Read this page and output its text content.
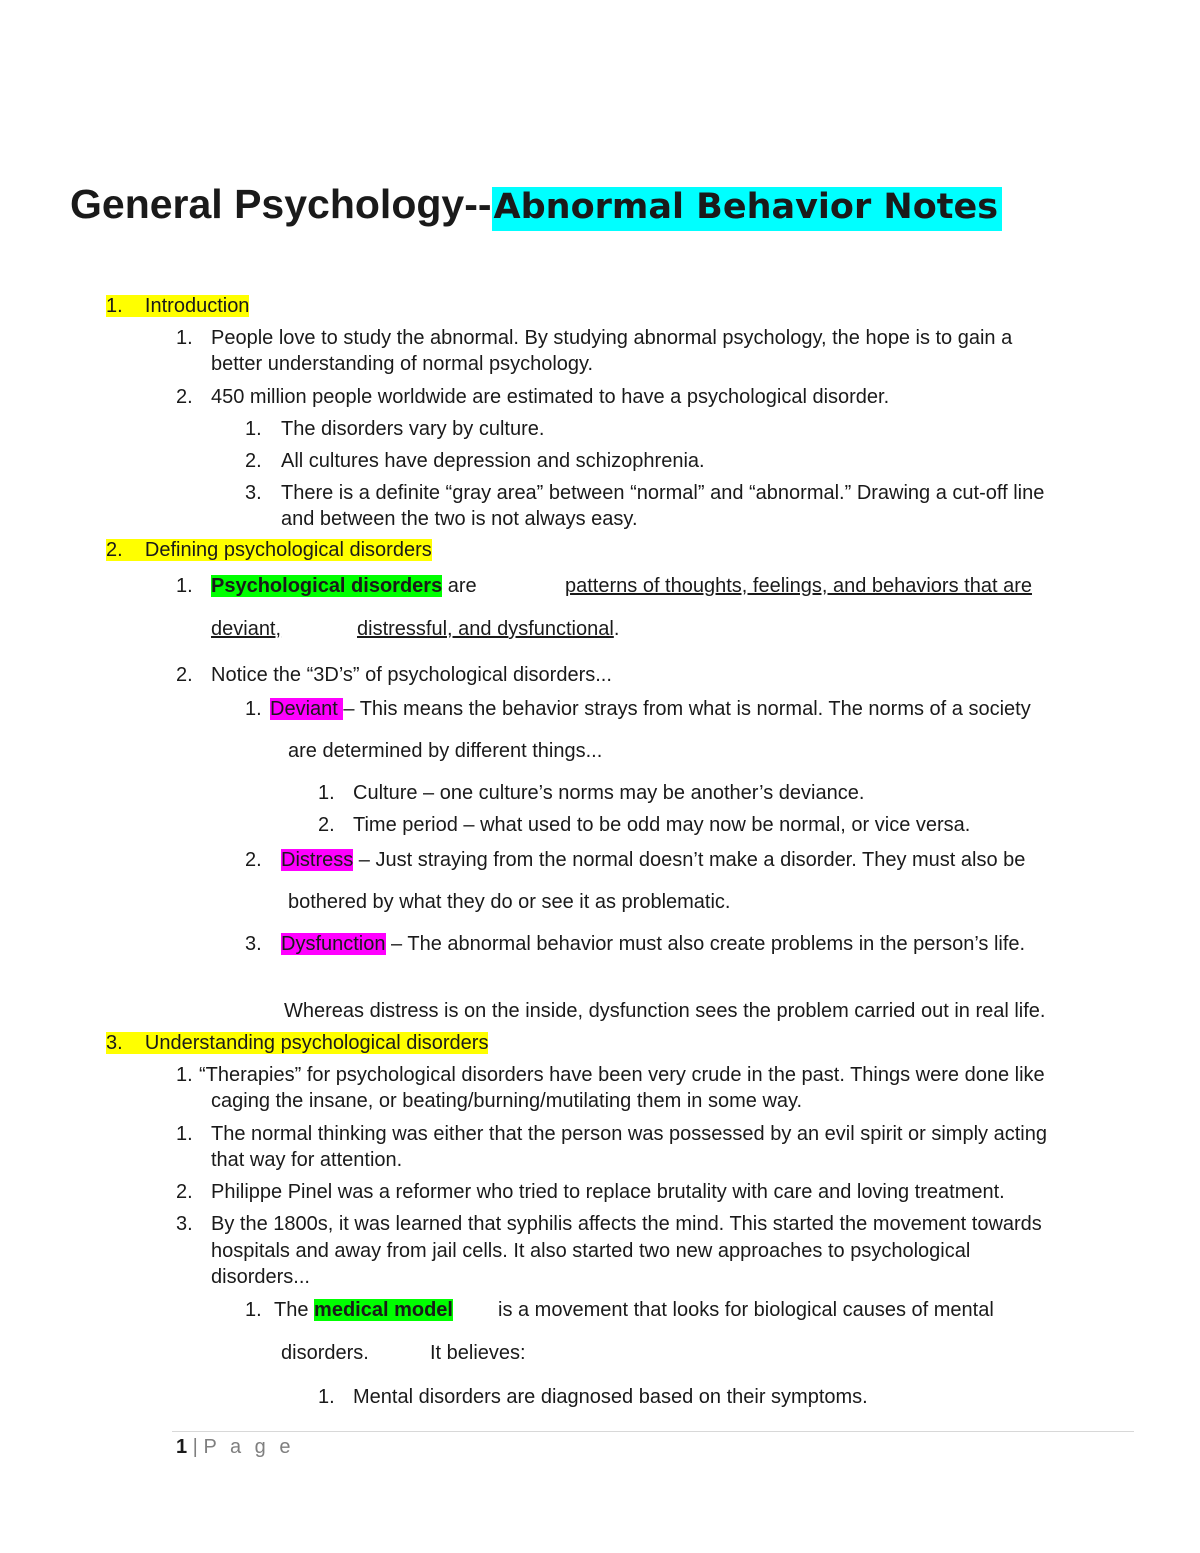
General Psychology--Abnormal Behavior Notes
1. Introduction
1. People love to study the abnormal. By studying abnormal psychology, the hope is to gain a
better understanding of normal psychology.
2. 450 million people worldwide are estimated to have a psychological disorder.
1. The disorders vary by culture.
2. All cultures have depression and schizophrenia.
3. There is a definite “gray area” between “normal” and “abnormal.” Drawing a cut-off line
and between the two is not always easy.
2. Defining psychological disorders
1. Psychological disorders are	patterns of thoughts, feelings, and behaviors that are
deviant,	distressful, and dysfunctional.
2. Notice the “3D’s” of psychological disorders...
1. Deviant – This means the behavior strays from what is normal. The norms of a society
are determined by different things...
1. Culture – one culture’s norms may be another’s deviance.
2. Time period – what used to be odd may now be normal, or vice versa.
2. Distress – Just straying from the normal doesn’t make a disorder. They must also be
bothered by what they do or see it as problematic.
3. Dysfunction – The abnormal behavior must also create problems in the person’s life.
Whereas distress is on the inside, dysfunction sees the problem carried out in real life.
3. Understanding psychological disorders
1. “Therapies” for psychological disorders have been very crude in the past. Things were done like
caging the insane, or beating/burning/mutilating them in some way.
1. The normal thinking was either that the person was possessed by an evil spirit or simply acting
that way for attention.
2. Philippe Pinel was a reformer who tried to replace brutality with care and loving treatment.
3. By the 1800s, it was learned that syphilis affects the mind. This started the movement towards
hospitals and away from jail cells. It also started two new approaches to psychological
disorders...
1. The medical model is a movement that looks for biological causes of mental
disorders.	It believes:
1. Mental disorders are diagnosed based on their symptoms.
1 | P a g e
